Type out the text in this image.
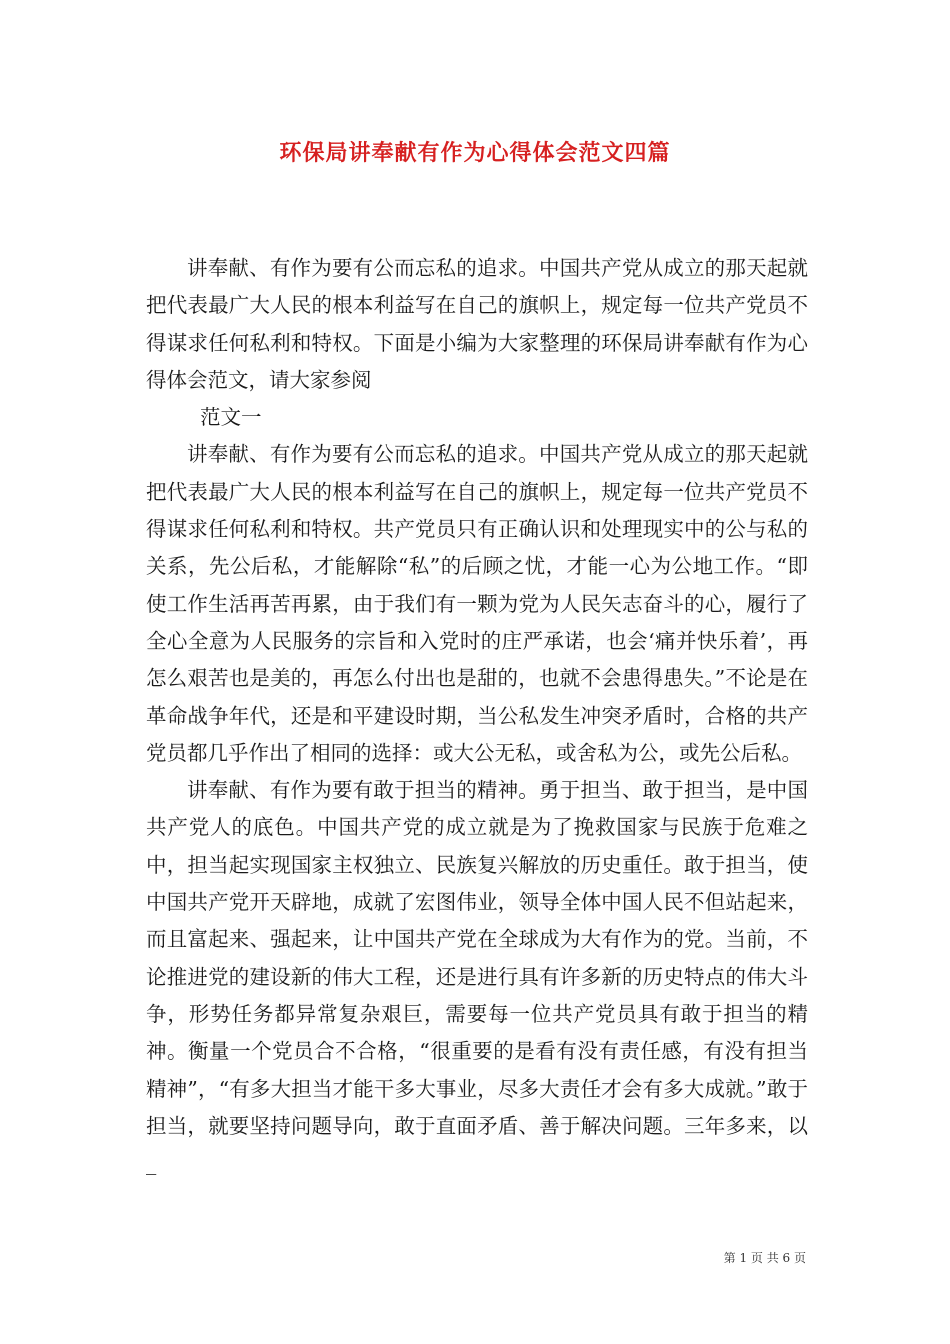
环保局讲奉献有作为心得体会范文四篇

讲奉献、有作为要有公而忘私的追求。中国共产党从成立的那天起就把代表最广大人民的根本利益写在自己的旗帜上，规定每一位共产党员不得谋求任何私利和特权。下面是小编为大家整理的环保局讲奉献有作为心得体会范文，请大家参阅

范文一

讲奉献、有作为要有公而忘私的追求。中国共产党从成立的那天起就把代表最广大人民的根本利益写在自己的旗帜上，规定每一位共产党员不得谋求任何私利和特权。共产党员只有正确认识和处理现实中的公与私的关系，先公后私，才能解除“私”的后顾之忧，才能一心为公地工作。“即使工作生活再苦再累，由于我们有一颗为党为人民矢志奋斗的心，履行了全心全意为人民服务的宗旨和入党时的庄严承诺，也会‘痛并快乐着’，再怎么艰苦也是美的，再怎么付出也是甜的，也就不会患得患失。”不论是在革命战争年代，还是和平建设时期，当公私发生冲突矛盾时，合格的共产党员都几乎作出了相同的选择：或大公无私，或舍私为公，或先公后私。

讲奉献、有作为要有敢于担当的精神。勇于担当、敢于担当，是中国共产党人的底色。中国共产党的成立就是为了挽救国家与民族于危难之中，担当起实现国家主权独立、民族复兴解放的历史重任。敢于担当，使中国共产党开天辟地，成就了宏图伟业，领导全体中国人民不但站起来，而且富起来、强起来，让中国共产党在全球成为大有作为的党。当前，不论推进党的建设新的伟大工程，还是进行具有许多新的历史特点的伟大斗争，形势任务都异常复杂艰巨，需要每一位共产党员具有敢于担当的精神。衡量一个党员合不合格，“很重要的是看有没有责任感，有没有担当精神”，“有多大担当才能干多大事业，尽多大责任才会有多大成就。”敢于担当，就要坚持问题导向，敢于直面矛盾、善于解决问题。三年多来，以_

第 1 页 共 6 页
